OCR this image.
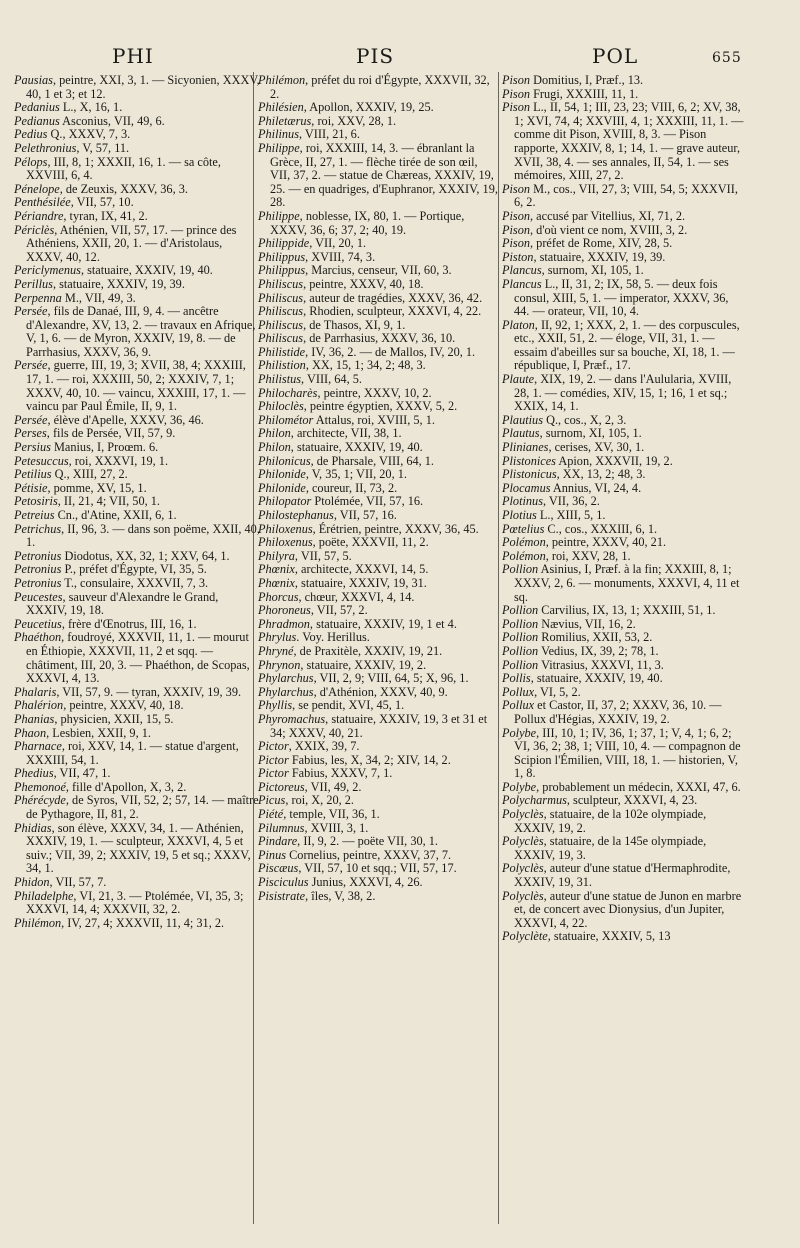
PHI	PIS	POL	655

Pausias, peintre, XXI, 3, 1. — Sicyonien, XXXV, 40, 1 et 3; et 12.

Pedanius L., X, 16, 1.

Pedianus Asconius, VII, 49, 6.

Pedius Q., XXXV, 7, 3.

Pelethronius, V, 57, 11.

Pélops, III, 8, 1; XXXII, 16, 1. — sa côte, XXVIII, 6, 4.

Pénelope, de Zeuxis, XXXV, 36, 3.

Penthésilée, VII, 57, 10.

Périandre, tyran, IX, 41, 2.

Périclès, Athénien, VII, 57, 17. — prince des Athéniens, XXII, 20, 1. — d'Aristolaus, XXXV, 40, 12.

Periclymenus, statuaire, XXXIV, 19, 40.

Perillus, statuaire, XXXIV, 19, 39.

Perpenna M., VII, 49, 3.

Persée, fils de Danaé, III, 9, 4. — ancêtre d'Alexandre, XV, 13, 2. — travaux en Afrique, V, 1, 6. — de Myron, XXXIV, 19, 8. — de Parrhasius, XXXV, 36, 9.

Persée, guerre, III, 19, 3; XVII, 38, 4; XXXIII, 17, 1. — roi, XXXIII, 50, 2; XXXIV, 7, 1; XXXV, 40, 10. — vaincu, XXXIII, 17, 1. — vaincu par Paul Émile, II, 9, 1.

Persée, élève d'Apelle, XXXV, 36, 46.

Perses, fils de Persée, VII, 57, 9.

Persius Manius, I, Proœm. 6.

Petesuccus, roi, XXXVI, 19, 1.

Petilius Q., XIII, 27, 2.

Pétisie, pomme, XV, 15, 1.

Petosiris, II, 21, 4; VII, 50, 1.

Petreius Cn., d'Atine, XXII, 6, 1.

Petrichus, II, 96, 3. — dans son poëme, XXII, 40, 1.

Petronius Diodotus, XX, 32, 1; XXV, 64, 1.

Petronius P., préfet d'Égypte, VI, 35, 5.

Petronius T., consulaire, XXXVII, 7, 3.

Peucestes, sauveur d'Alexandre le Grand, XXXIV, 19, 18.

Peucetius, frère d'Œnotrus, III, 16, 1.

Phaéthon, foudroyé, XXXVII, 11, 1. — mourut en Éthiopie, XXXVII, 11, 2 et sqq. — châtiment, III, 20, 3. — Phaéthon, de Scopas, XXXVI, 4, 13.

Phalaris, VII, 57, 9. — tyran, XXXIV, 19, 39.

Phalérion, peintre, XXXV, 40, 18.

Phanias, physicien, XXII, 15, 5.

Phaon, Lesbien, XXII, 9, 1.

Pharnace, roi, XXV, 14, 1. — statue d'argent, XXXIII, 54, 1.

Phedius, VII, 47, 1.

Phemonoé, fille d'Apollon, X, 3, 2.

Phérécyde, de Syros, VII, 52, 2; 57, 14. — maître de Pythagore, II, 81, 2.

Phidias, son élève, XXXV, 34, 1. — Athénien, XXXIV, 19, 1. — sculpteur, XXXVI, 4, 5 et suiv.; VII, 39, 2; XXXIV, 19, 5 et sq.; XXXV, 34, 1.

Phidon, VII, 57, 7.

Philadelphe, VI, 21, 3. — Ptolémée, VI, 35, 3; XXXVI, 14, 4; XXXVII, 32, 2.

Philémon, IV, 27, 4; XXXVII, 11, 4; 31, 2.

Philémon, préfet du roi d'Égypte, XXXVII, 32, 2.

Philésien, Apollon, XXXIV, 19, 25.

Philetærus, roi, XXV, 28, 1.

Philinus, VIII, 21, 6.

Philippe, roi, XXXIII, 14, 3. — ébranlant la Grèce, II, 27, 1. — flèche tirée de son œil, VII, 37, 2. — statue de Chæreas, XXXIV, 19, 25. — en quadriges, d'Euphranor, XXXIV, 19, 28.

Philippe, noblesse, IX, 80, 1. — Portique, XXXV, 36, 6; 37, 2; 40, 19.

Philippide, VII, 20, 1.

Philippus, XVIII, 74, 3.

Philippus, Marcius, censeur, VII, 60, 3.

Philiscus, peintre, XXXV, 40, 18.

Philiscus, auteur de tragédies, XXXV, 36, 42.

Philiscus, Rhodien, sculpteur, XXXVI, 4, 22.

Philiscus, de Thasos, XI, 9, 1.

Philiscus, de Parrhasius, XXXV, 36, 10.

Philistide, IV, 36, 2. — de Mallos, IV, 20, 1.

Philistion, XX, 15, 1; 34, 2; 48, 3.

Philistus, VIII, 64, 5.

Philocharès, peintre, XXXV, 10, 2.

Philoclès, peintre égyptien, XXXV, 5, 2.

Philométor Attalus, roi, XVIII, 5, 1.

Philon, architecte, VII, 38, 1.

Philon, statuaire, XXXIV, 19, 40.

Philonicus, de Pharsale, VIII, 64, 1.

Philonide, V, 35, 1; VII, 20, 1.

Philonide, coureur, II, 73, 2.

Philopator Ptolémée, VII, 57, 16.

Philostephanus, VII, 57, 16.

Philoxenus, Érétrien, peintre, XXXV, 36, 45.

Philoxenus, poëte, XXXVII, 11, 2.

Philyra, VII, 57, 5.

Phœnix, architecte, XXXVI, 14, 5.

Phœnix, statuaire, XXXIV, 19, 31.

Phorcus, chœur, XXXVI, 4, 14.

Phoroneus, VII, 57, 2.

Phradmon, statuaire, XXXIV, 19, 1 et 4.

Phrylus. Voy. Herillus.

Phryné, de Praxitèle, XXXIV, 19, 21.

Phrynon, statuaire, XXXIV, 19, 2.

Phylarchus, VII, 2, 9; VIII, 64, 5; X, 96, 1.

Phylarchus, d'Athénion, XXXV, 40, 9.

Phyllis, se pendit, XVI, 45, 1.

Phyromachus, statuaire, XXXIV, 19, 3 et 31 et 34; XXXV, 40, 21.

Pictor, XXIX, 39, 7.

Pictor Fabius, les, X, 34, 2; XIV, 14, 2.

Pictor Fabius, XXXV, 7, 1.

Pictoreus, VII, 49, 2.

Picus, roi, X, 20, 2.

Piété, temple, VII, 36, 1.

Pilumnus, XVIII, 3, 1.

Pindare, II, 9, 2. — poëte VII, 30, 1.

Pinus Cornelius, peintre, XXXV, 37, 7.

Piscæus, VII, 57, 10 et sqq.; VII, 57, 17.

Pisciculus Junius, XXXVI, 4, 26.

Pisistrate, îles, V, 38, 2.

Pison Domitius, I, Præf., 13.

Pison Frugi, XXXIII, 11, 1.

Pison L., II, 54, 1; III, 23, 23; VIII, 6, 2; XV, 38, 1; XVI, 74, 4; XXVIII, 4, 1; XXXIII, 11, 1. — comme dit Pison, XVIII, 8, 3. — Pison rapporte, XXXIV, 8, 1; 14, 1. — grave auteur, XVII, 38, 4. — ses annales, II, 54, 1. — ses mémoires, XIII, 27, 2.

Pison M., cos., VII, 27, 3; VIII, 54, 5; XXXVII, 6, 2.

Pison, accusé par Vitellius, XI, 71, 2.

Pison, d'où vient ce nom, XVIII, 3, 2.

Pison, préfet de Rome, XIV, 28, 5.

Piston, statuaire, XXXIV, 19, 39.

Plancus, surnom, XI, 105, 1.

Plancus L., II, 31, 2; IX, 58, 5. — deux fois consul, XIII, 5, 1. — imperator, XXXV, 36, 44. — orateur, VII, 10, 4.

Platon, II, 92, 1; XXX, 2, 1. — des corpuscules, etc., XXII, 51, 2. — éloge, VII, 31, 1. — essaim d'abeilles sur sa bouche, XI, 18, 1. — république, I, Præf., 17.

Plaute, XIX, 19, 2. — dans l'Aulularia, XVIII, 28, 1. — comédies, XIV, 15, 1; 16, 1 et sq.; XXIX, 14, 1.

Plautius Q., cos., X, 2, 3.

Plautus, surnom, XI, 105, 1.

Plinianes, cerises, XV, 30, 1.

Plistonices Apion, XXXVII, 19, 2.

Plistonicus, XX, 13, 2; 48, 3.

Plocamus Annius, VI, 24, 4.

Plotinus, VII, 36, 2.

Plotius L., XIII, 5, 1.

Pœtelius C., cos., XXXIII, 6, 1.

Polémon, peintre, XXXV, 40, 21.

Polémon, roi, XXV, 28, 1.

Pollion Asinius, I, Præf. à la fin; XXXIII, 8, 1; XXXV, 2, 6. — monuments, XXXVI, 4, 11 et sq.

Pollion Carvilius, IX, 13, 1; XXXIII, 51, 1.

Pollion Nævius, VII, 16, 2.

Pollion Romilius, XXII, 53, 2.

Pollion Vedius, IX, 39, 2; 78, 1.

Pollion Vitrasius, XXXVI, 11, 3.

Pollis, statuaire, XXXIV, 19, 40.

Pollux, VI, 5, 2.

Pollux et Castor, II, 37, 2; XXXV, 36, 10. — Pollux d'Hégias, XXXIV, 19, 2.

Polybe, III, 10, 1; IV, 36, 1; 37, 1; V, 4, 1; 6, 2; VI, 36, 2; 38, 1; VIII, 10, 4. — compagnon de Scipion l'Émilien, VIII, 18, 1. — historien, V, 1, 8.

Polybe, probablement un médecin, XXXI, 47, 6.

Polycharmus, sculpteur, XXXVI, 4, 23.

Polyclès, statuaire, de la 102e olympiade, XXXIV, 19, 2.

Polyclès, statuaire, de la 145e olympiade, XXXIV, 19, 3.

Polyclès, auteur d'une statue d'Hermaphrodite, XXXIV, 19, 31.

Polyclès, auteur d'une statue de Junon en marbre et, de concert avec Dionysius, d'un Jupiter, XXXVI, 4, 22.

Polyclète, statuaire, XXXIV, 5, 13
